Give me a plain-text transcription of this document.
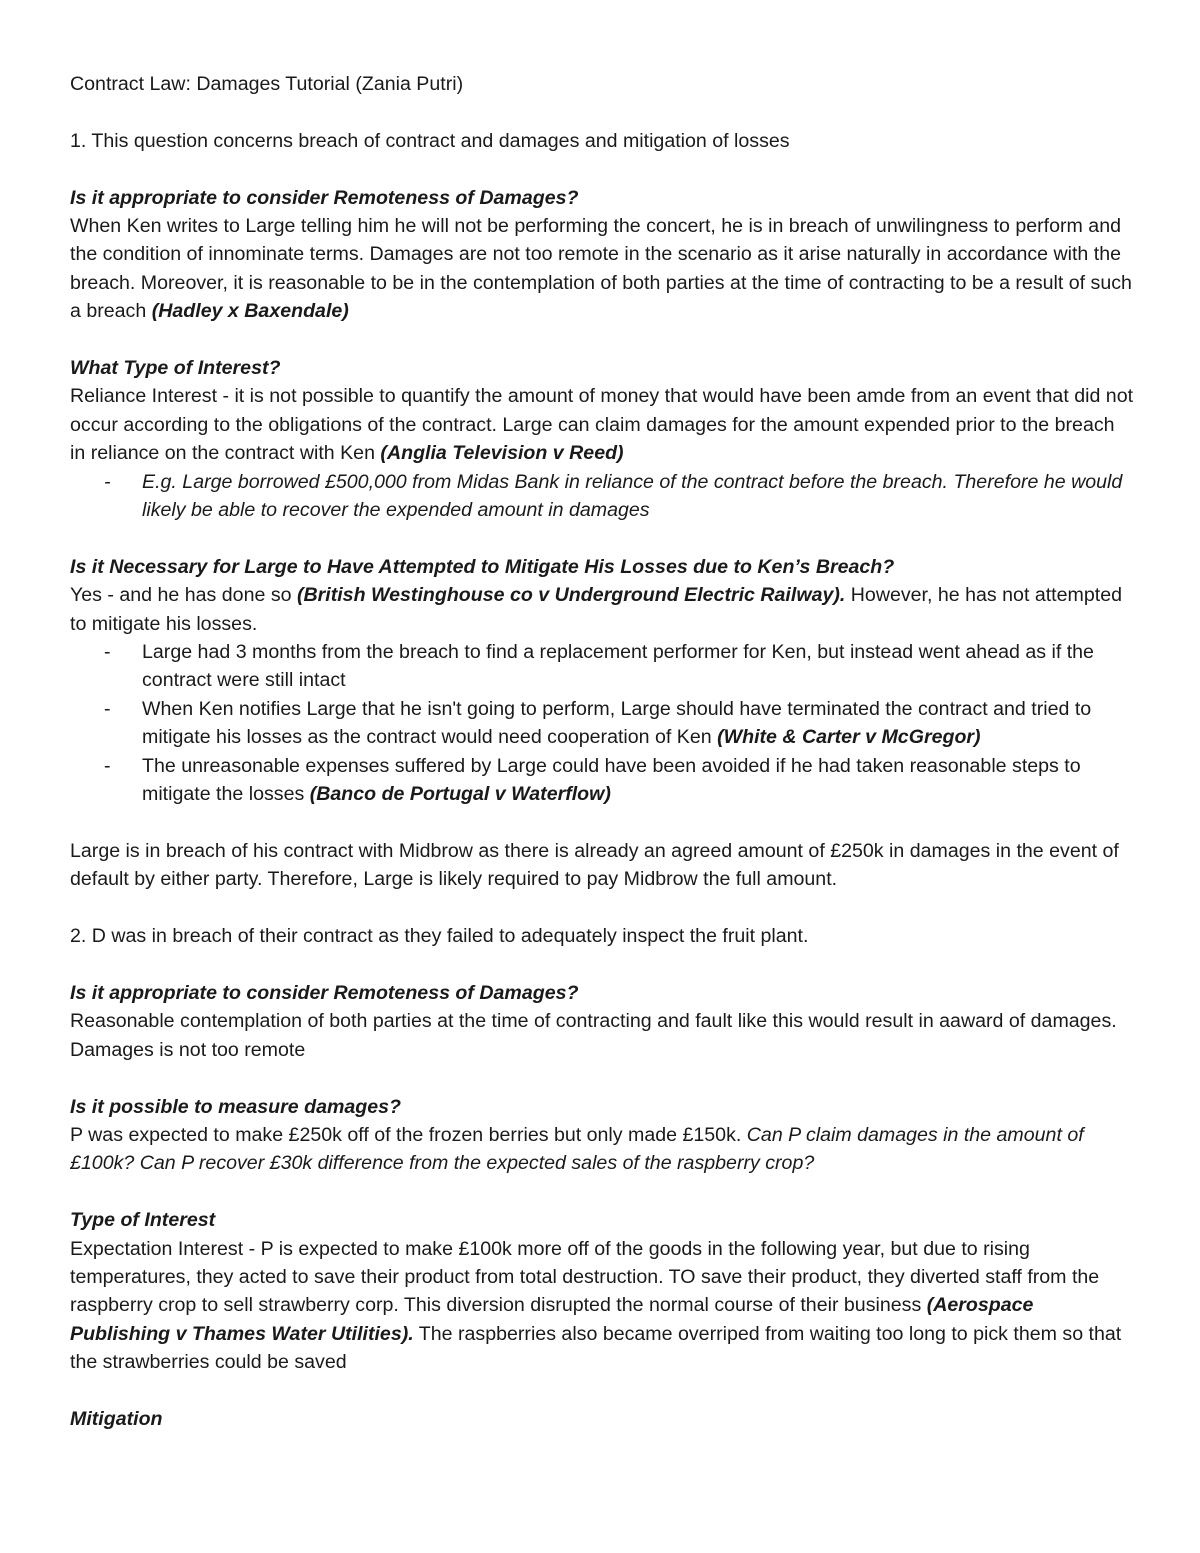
Contract Law: Damages Tutorial (Zania Putri)

1. This question concerns breach of contract and damages and mitigation of losses

Is it appropriate to consider Remoteness of Damages?

When Ken writes to Large telling him he will not be performing the concert, he is in breach of unwilingness to perform and the condition of innominate terms. Damages are not too remote in the scenario as it arise naturally in accordance with the breach. Moreover, it is reasonable to be in the contemplation of both parties at the time of contracting to be a result of such a breach (Hadley x Baxendale)

What Type of Interest?

Reliance Interest - it is not possible to quantify the amount of money that would have been amde from an event that did not occur according to the obligations of the contract. Large can claim damages for the amount expended prior to the breach in reliance on the contract with Ken (Anglia Television v Reed)

- E.g. Large borrowed £500,000 from Midas Bank in reliance of the contract before the breach. Therefore he would likely be able to recover the expended amount in damages

Is it Necessary for Large to Have Attempted to Mitigate His Losses due to Ken’s Breach?

Yes - and he has done so (British Westinghouse co v Underground Electric Railway). However, he has not attempted to mitigate his losses.

- Large had 3 months from the breach to find a replacement performer for Ken, but instead went ahead as if the contract were still intact
- When Ken notifies Large that he isn't going to perform, Large should have terminated the contract and tried to mitigate his losses as the contract would need cooperation of Ken (White & Carter v McGregor)
- The unreasonable expenses suffered by Large could have been avoided if he had taken reasonable steps to mitigate the losses (Banco de Portugal v Waterflow)

Large is in breach of his contract with Midbrow as there is already an agreed amount of £250k in damages in the event of default by either party. Therefore, Large is likely required to pay Midbrow the full amount.

2. D was in breach of their contract as they failed to adequately inspect the fruit plant.

Is it appropriate to consider Remoteness of Damages?

Reasonable contemplation of both parties at the time of contracting and fault like this would result in aaward of damages. Damages is not too remote

Is it possible to measure damages?

P was expected to make £250k off of the frozen berries but only made £150k. Can P claim damages in the amount of £100k? Can P recover £30k difference from the expected sales of the raspberry crop?

Type of Interest

Expectation Interest - P is expected to make £100k more off of the goods in the following year, but due to rising temperatures, they acted to save their product from total destruction. TO save their product, they diverted staff from the raspberry crop to sell strawberry corp. This diversion disrupted the normal course of their business (Aerospace Publishing v Thames Water Utilities). The raspberries also became overriped from waiting too long to pick them so that the strawberries could be saved

Mitigation
